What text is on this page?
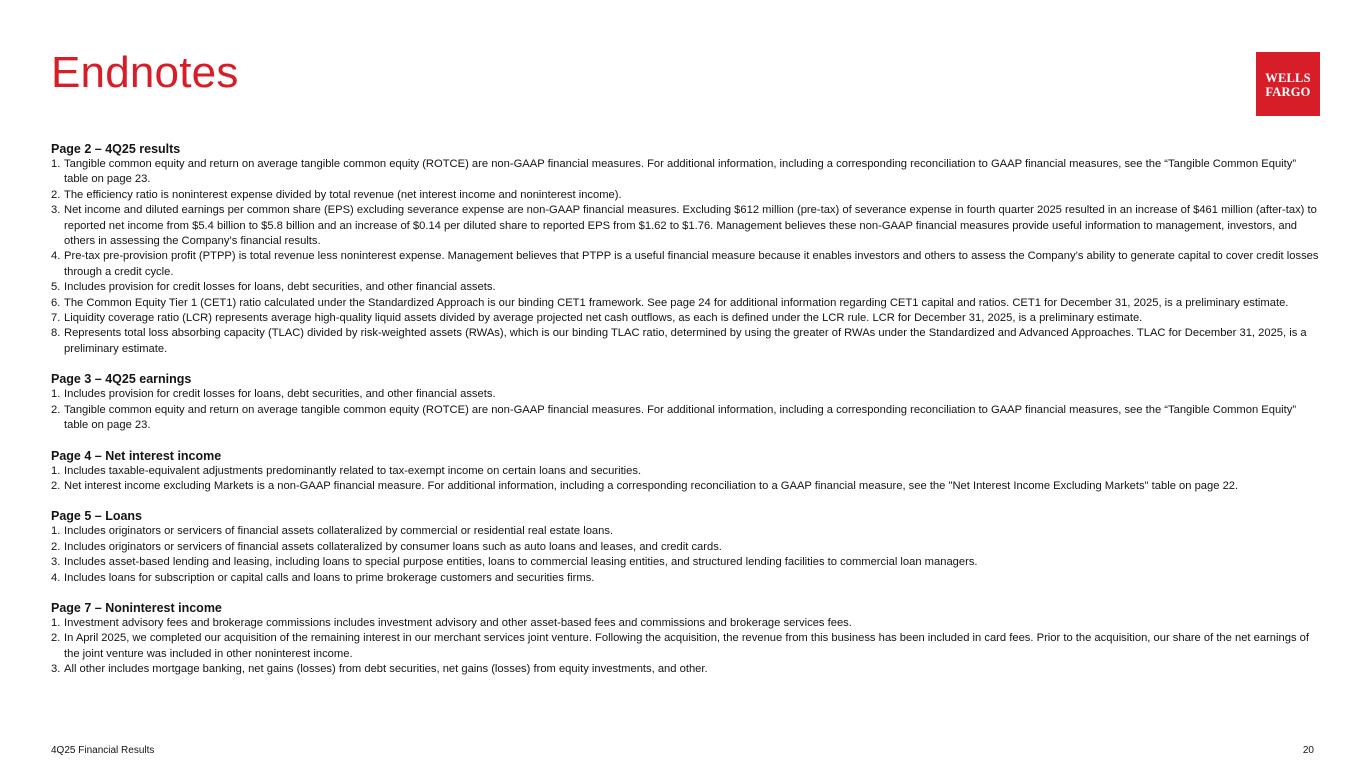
Endnotes	WELLS
FARGO
Page 2 – 4Q25 results
1. Tangible common equity and return on average tangible common equity (ROTCE) are non-GAAP financial measures. For additional information, including a corresponding reconciliation to GAAP financial measures, see the “Tangible Common Equity” table on page 23.
2. The efficiency ratio is noninterest expense divided by total revenue (net interest income and noninterest income).
3. Net income and diluted earnings per common share (EPS) excluding severance expense are non-GAAP financial measures. Excluding $612 million (pre-tax) of severance expense in fourth quarter 2025 resulted in an increase of $461 million (after-tax) to reported net income from $5.4 billion to $5.8 billion and an increase of $0.14 per diluted share to reported EPS from $1.62 to $1.76. Management believes these non-GAAP financial measures provide useful information to management, investors, and others in assessing the Company’s financial results.
4. Pre-tax pre-provision profit (PTPP) is total revenue less noninterest expense. Management believes that PTPP is a useful financial measure because it enables investors and others to assess the Company’s ability to generate capital to cover credit losses through a credit cycle.
5. Includes provision for credit losses for loans, debt securities, and other financial assets.
6. The Common Equity Tier 1 (CET1) ratio calculated under the Standardized Approach is our binding CET1 framework. See page 24 for additional information regarding CET1 capital and ratios. CET1 for December 31, 2025, is a preliminary estimate.
7. Liquidity coverage ratio (LCR) represents average high-quality liquid assets divided by average projected net cash outflows, as each is defined under the LCR rule. LCR for December 31, 2025, is a preliminary estimate.
8. Represents total loss absorbing capacity (TLAC) divided by risk-weighted assets (RWAs), which is our binding TLAC ratio, determined by using the greater of RWAs under the Standardized and Advanced Approaches. TLAC for December 31, 2025, is a preliminary estimate.
Page 3 – 4Q25 earnings
1. Includes provision for credit losses for loans, debt securities, and other financial assets.
2. Tangible common equity and return on average tangible common equity (ROTCE) are non-GAAP financial measures. For additional information, including a corresponding reconciliation to GAAP financial measures, see the “Tangible Common Equity” table on page 23.
Page 4 – Net interest income
1. Includes taxable-equivalent adjustments predominantly related to tax-exempt income on certain loans and securities.
2. Net interest income excluding Markets is a non-GAAP financial measure. For additional information, including a corresponding reconciliation to a GAAP financial measure, see the "Net Interest Income Excluding Markets" table on page 22.
Page 5 – Loans
1. Includes originators or servicers of financial assets collateralized by commercial or residential real estate loans.
2. Includes originators or servicers of financial assets collateralized by consumer loans such as auto loans and leases, and credit cards.
3. Includes asset-based lending and leasing, including loans to special purpose entities, loans to commercial leasing entities, and structured lending facilities to commercial loan managers.
4. Includes loans for subscription or capital calls and loans to prime brokerage customers and securities firms.
Page 7 – Noninterest income
1. Investment advisory fees and brokerage commissions includes investment advisory and other asset-based fees and commissions and brokerage services fees.
2. In April 2025, we completed our acquisition of the remaining interest in our merchant services joint venture. Following the acquisition, the revenue from this business has been included in card fees. Prior to the acquisition, our share of the net earnings of the joint venture was included in other noninterest income.
3. All other includes mortgage banking, net gains (losses) from debt securities, net gains (losses) from equity investments, and other.
4Q25 Financial Results	20
